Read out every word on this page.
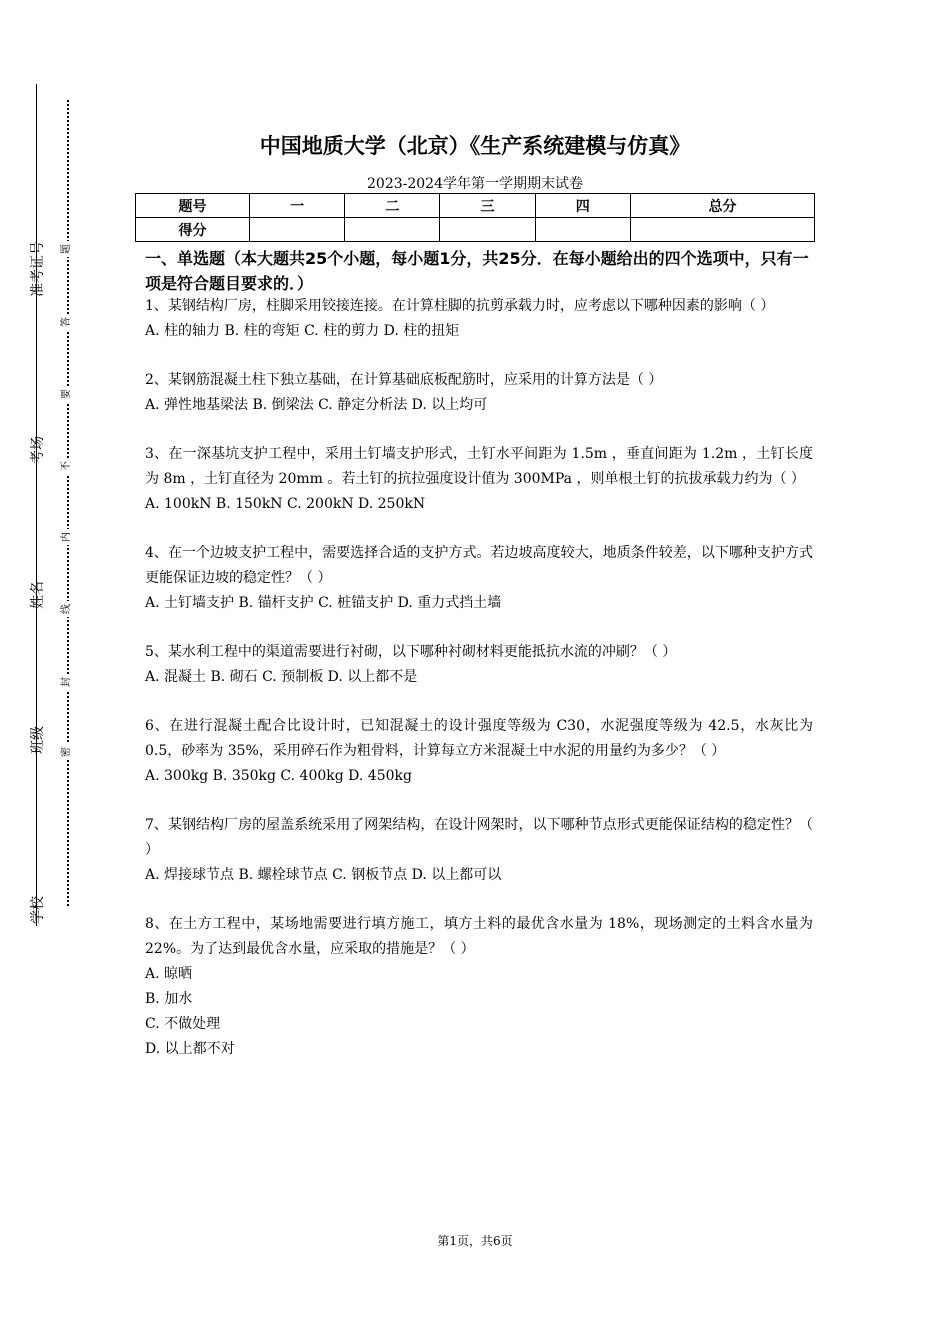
准考证号
考场
姓名
班级
学校
题
答
要
不
内
线
封
密
中国地质大学（北京）《生产系统建模与仿真》
2023-2024学年第一学期期末试卷
题号	一	二	三	四	总分
得分					
一、单选题（本大题共25个小题，每小题1分，共25分．在每小题给出的四个选项中，只有一项是符合题目要求的．）

1、某钢结构厂房，柱脚采用铰接连接。在计算柱脚的抗剪承载力时，应考虑以下哪种因素的影响（ ）

A. 柱的轴力 B. 柱的弯矩 C. 柱的剪力 D. 柱的扭矩

2、某钢筋混凝土柱下独立基础，在计算基础底板配筋时，应采用的计算方法是（ ）

A. 弹性地基梁法 B. 倒梁法 C. 静定分析法 D. 以上均可

3、在一深基坑支护工程中，采用土钉墙支护形式，土钉水平间距为 1.5m ，垂直间距为 1.2m ，土钉长度为 8m ，土钉直径为 20mm 。若土钉的抗拉强度设计值为 300MPa ，则单根土钉的抗拔承载力约为（ ）

A. 100kN B. 150kN C. 200kN D. 250kN

4、在一个边坡支护工程中，需要选择合适的支护方式。若边坡高度较大，地质条件较差，以下哪种支护方式更能保证边坡的稳定性？（ ）

A. 土钉墙支护 B. 锚杆支护 C. 桩锚支护 D. 重力式挡土墙

5、某水利工程中的渠道需要进行衬砌，以下哪种衬砌材料更能抵抗水流的冲刷？（ ）

A. 混凝土 B. 砌石 C. 预制板 D. 以上都不是

6、在进行混凝土配合比设计时，已知混凝土的设计强度等级为 C30，水泥强度等级为 42.5，水灰比为 0.5，砂率为 35%，采用碎石作为粗骨料，计算每立方米混凝土中水泥的用量约为多少？（ ）

A. 300kg B. 350kg C. 400kg D. 450kg

7、某钢结构厂房的屋盖系统采用了网架结构，在设计网架时，以下哪种节点形式更能保证结构的稳定性？（ ）

A. 焊接球节点 B. 螺栓球节点 C. 钢板节点 D. 以上都可以

8、在土方工程中，某场地需要进行填方施工，填方土料的最优含水量为 18%，现场测定的土料含水量为 22%。为了达到最优含水量，应采取的措施是？（ ）

A. 晾晒

B. 加水

C. 不做处理

D. 以上都不对

第1页，共6页
